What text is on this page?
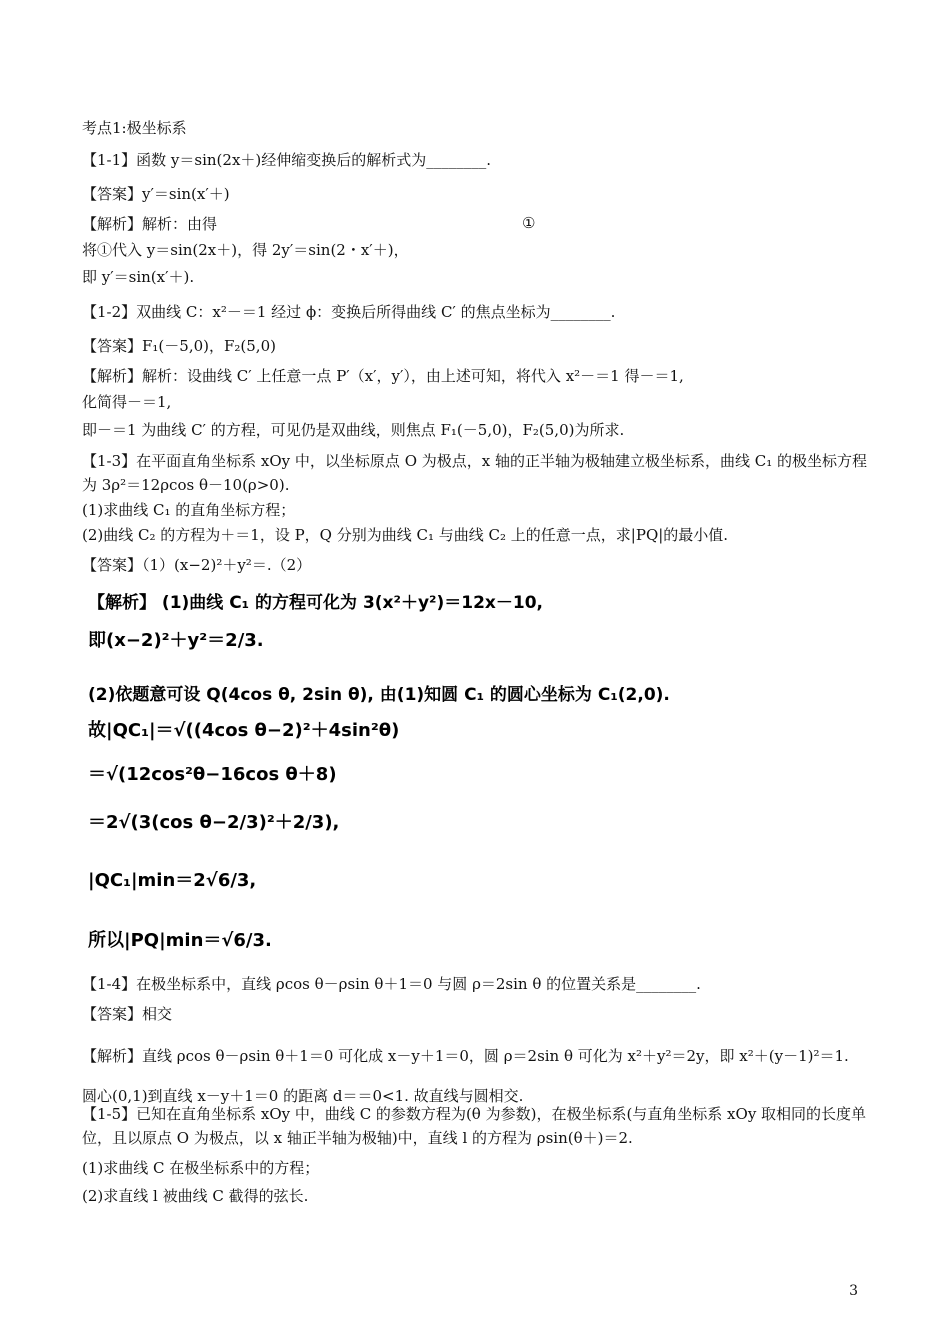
考点1:极坐标系
【1-1】函数 y＝sin(2x＋)经伸缩变换后的解析式为________.
【答案】y′＝sin(x′＋)
【解析】解析：由得	①
将①代入 y＝sin(2x＋)，得 2y′＝sin(2・x′＋)，
即 y′＝sin(x′＋).
【1-2】双曲线 C：x²－＝1 经过 ϕ：变换后所得曲线 C′ 的焦点坐标为________.
【答案】F₁(－5,0)，F₂(5,0)
【解析】解析：设曲线 C′ 上任意一点 P′（x′，y′），由上述可知，将代入 x²－＝1 得－＝1,
化简得－＝1,
即－＝1 为曲线 C′ 的方程，可见仍是双曲线，则焦点 F₁(－5,0)，F₂(5,0)为所求.
【1-3】在平面直角坐标系 xOy 中，以坐标原点 O 为极点，x 轴的正半轴为极轴建立极坐标系，曲线 C₁ 的极坐标方程为 3ρ²＝12ρcos θ－10(ρ>0).
(1)求曲线 C₁ 的直角坐标方程；
(2)曲线 C₂ 的方程为＋＝1，设 P，Q 分别为曲线 C₁ 与曲线 C₂ 上的任意一点，求|PQ|的最小值.
【答案】（1）(x−2)²＋y²＝.（2）
【解析】 (1)曲线 C₁ 的方程可化为 3(x²＋y²)＝12x－10,
即(x−2)²＋y²＝2/3.
(2)依题意可设 Q(4cos θ, 2sin θ), 由(1)知圆 C₁ 的圆心坐标为 C₁(2,0).
故|QC₁|＝√((4cos θ−2)²＋4sin²θ)
＝√(12cos²θ−16cos θ＋8)
＝2√(3(cos θ−2/3)²＋2/3),
|QC₁|min＝2√6/3,
所以|PQ|min＝√6/3.
【1-4】在极坐标系中，直线 ρcos θ－ρsin θ＋1＝0 与圆 ρ＝2sin θ 的位置关系是________.
【答案】相交
【解析】直线 ρcos θ－ρsin θ＋1＝0 可化成 x－y＋1＝0，圆 ρ＝2sin θ 可化为 x²＋y²＝2y，即 x²＋(y－1)²＝1. 圆心(0,1)到直线 x－y＋1＝0 的距离 d＝＝0<1. 故直线与圆相交.
【1-5】已知在直角坐标系 xOy 中，曲线 C 的参数方程为(θ 为参数)，在极坐标系(与直角坐标系 xOy 取相同的长度单位，且以原点 O 为极点，以 x 轴正半轴为极轴)中，直线 l 的方程为 ρsin(θ＋)＝2.
(1)求曲线 C 在极坐标系中的方程；
(2)求直线 l 被曲线 C 截得的弦长.
3
